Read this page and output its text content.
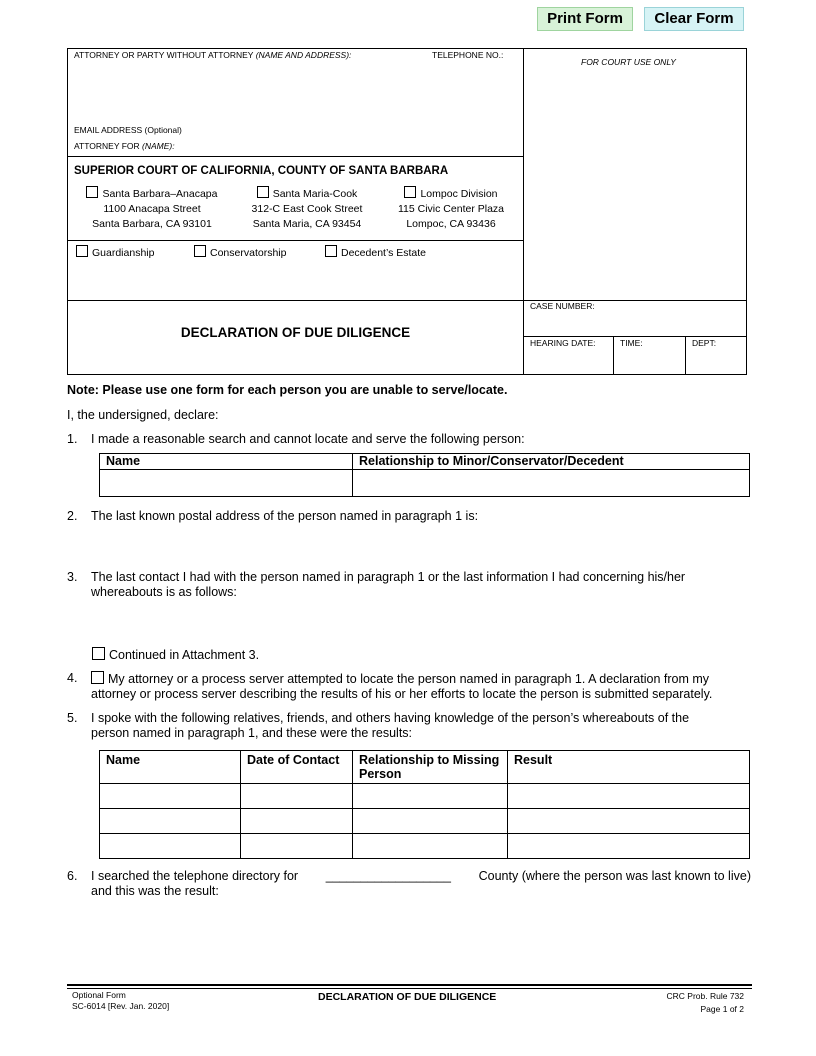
Print Form	Clear Form
ATTORNEY OR PARTY WITHOUT ATTORNEY (NAME AND ADDRESS):	TELEPHONE NO.:
EMAIL ADDRESS (Optional)
ATTORNEY FOR (NAME):
FOR COURT USE ONLY
SUPERIOR COURT OF CALIFORNIA, COUNTY OF SANTA BARBARA
Santa Barbara–Anacapa
1100 Anacapa Street
Santa Barbara, CA 93101
Santa Maria-Cook
312-C East Cook Street
Santa Maria, CA 93454
Lompoc Division
115 Civic Center Plaza
Lompoc, CA 93436
Guardianship	Conservatorship	Decedent’s Estate
DECLARATION OF DUE DILIGENCE
CASE NUMBER:
HEARING DATE:	TIME:	DEPT:
Note: Please use one form for each person you are unable to serve/locate.
I, the undersigned, declare:
1. I made a reasonable search and cannot locate and serve the following person:
Name	Relationship to Minor/Conservator/Decedent

2. The last known postal address of the person named in paragraph 1 is:
3. The last contact I had with the person named in paragraph 1 or the last information I had concerning his/her
whereabouts is as follows:
Continued in Attachment 3.
4.	My attorney or a process server attempted to locate the person named in paragraph 1. A declaration from my
attorney or process server describing the results of his or her efforts to locate the person is submitted separately.
5. I spoke with the following relatives, friends, and others having knowledge of the person’s whereabouts of the
person named in paragraph 1, and these were the results:
Name	Date of Contact	Relationship to Missing Person	Result

6. I searched the telephone directory for __________________ County (where the person was last known to live)
and this was the result:
Optional Form
SC-6014 [Rev. Jan. 2020]
DECLARATION OF DUE DILIGENCE	CRC Prob. Rule 732
Page 1 of 2
